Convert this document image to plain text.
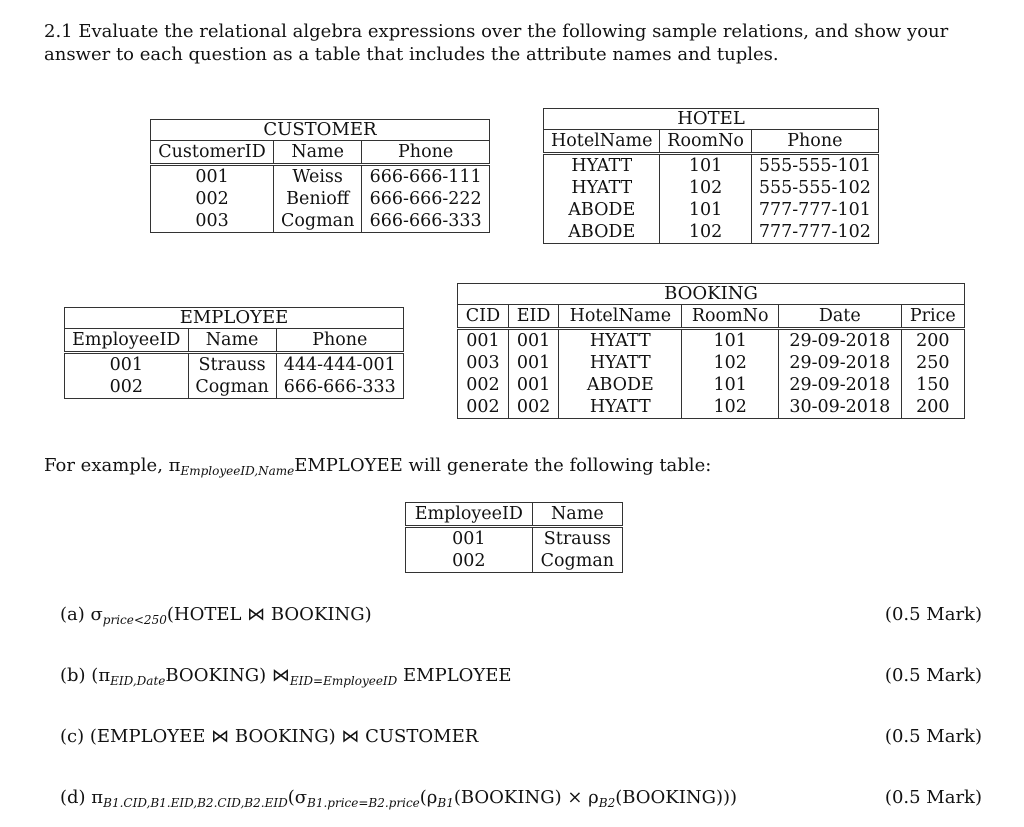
2.1 Evaluate the relational algebra expressions over the following sample relations, and show your answer to each question as a table that includes the attribute names and tuples.
CUSTOMER
CustomerID	Name	Phone
001	Weiss	666-666-111
002	Benioff	666-666-222
003	Cogman	666-666-333
HOTEL
HotelName	RoomNo	Phone
HYATT	101	555-555-101
HYATT	102	555-555-102
ABODE	101	777-777-101
ABODE	102	777-777-102
EMPLOYEE
EmployeeID	Name	Phone
001	Strauss	444-444-001
002	Cogman	666-666-333
BOOKING
CID	EID	HotelName	RoomNo	Date	Price
001	001	HYATT	101	29-09-2018	200
003	001	HYATT	102	29-09-2018	250
002	001	ABODE	101	29-09-2018	150
002	002	HYATT	102	30-09-2018	200
For example, $\pi_{EmployeeID,Name}EMPLOYEE$ will generate the following table:
EmployeeID	Name
001	Strauss
002	Cogman
(a) $\sigma_{price<250}(HOTEL$ ⋈ BOOKING)	(0.5 Mark)
(b) $(\pi_{EID,Date}BOOKING)$ $⋈_{EID=EmployeeID}$ EMPLOYEE	(0.5 Mark)
(c) (EMPLOYEE ⋈ BOOKING) ⋈ CUSTOMER	(0.5 Mark)
(d) $\pi_{B1.CID,B1.EID,B2.CID,B2.EID}(\sigma_{B1.price=B2.price}(\rho_{B1}(BOOKING)$ × $\rho_{B2}(BOOKING)$))	(0.5 Mark)
